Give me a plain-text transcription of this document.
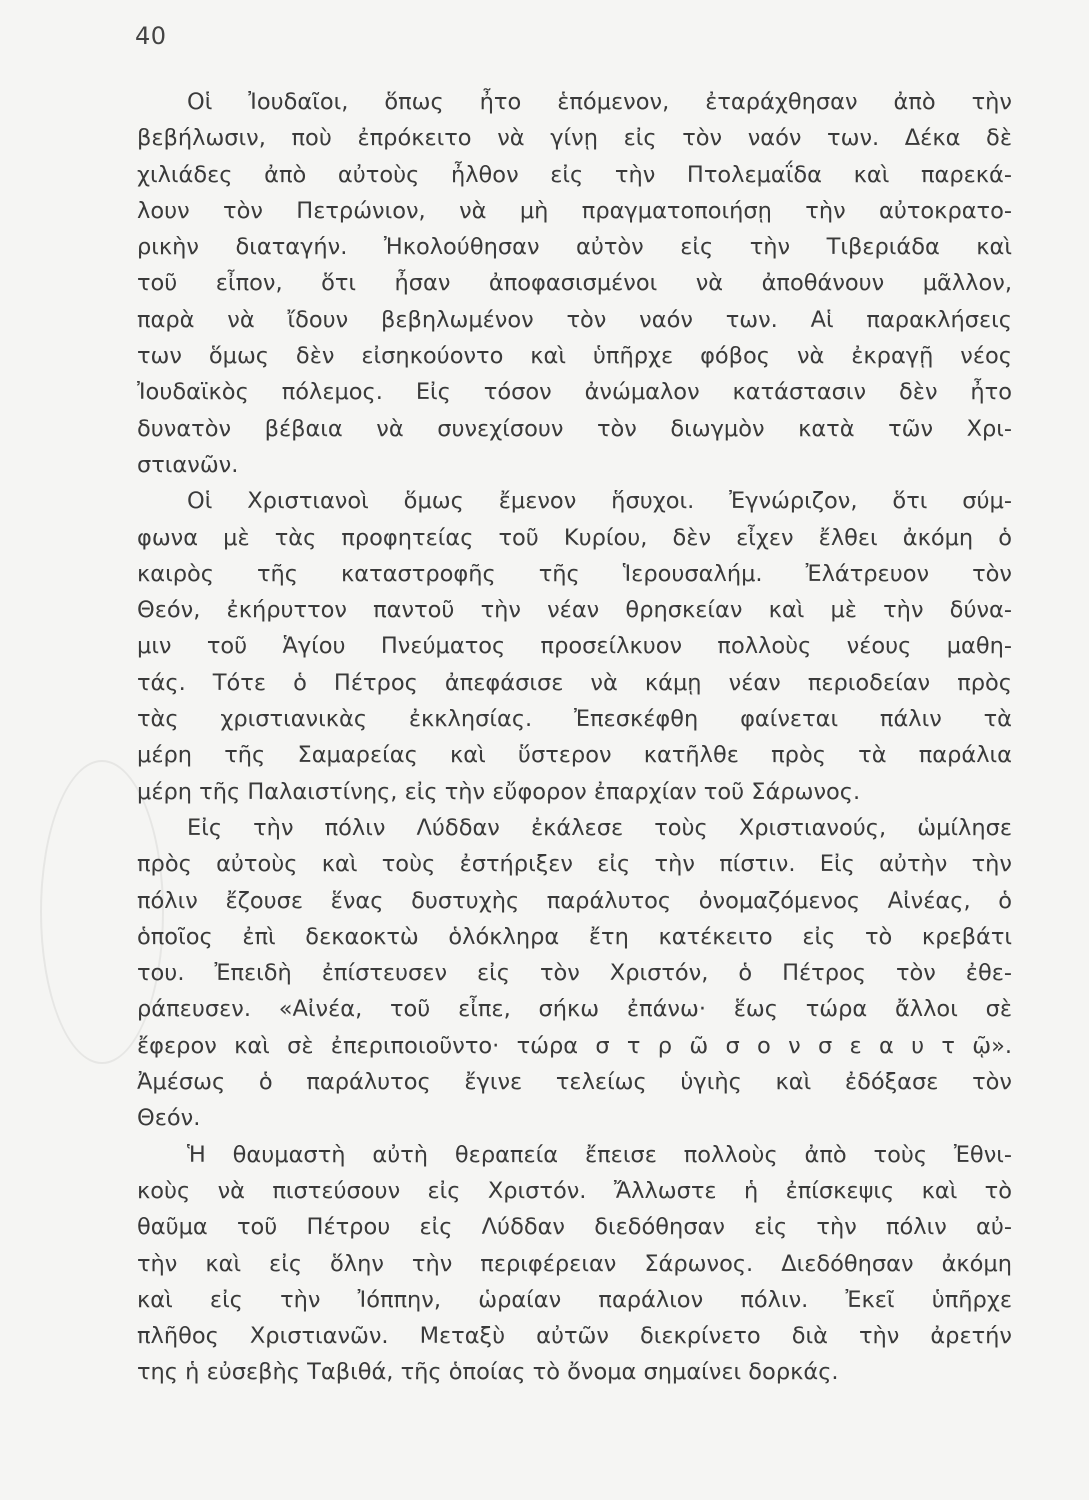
40
Οἱ Ἰουδαῖοι, ὅπως ἦτο ἑπόμενον, ἐταράχθησαν ἀπὸ τὴν
βεβήλωσιν, ποὺ ἐπρόκειτο νὰ γίνῃ εἰς τὸν ναόν των. Δέκα δὲ
χιλιάδες ἀπὸ αὐτοὺς ἦλθον εἰς τὴν Πτολεμαΐδα καὶ παρεκά-
λουν τὸν Πετρώνιον, νὰ μὴ πραγματοποιήσῃ τὴν αὐτοκρατο-
ρικὴν διαταγήν. Ἠκολούθησαν αὐτὸν εἰς τὴν Τιβεριάδα καὶ
τοῦ εἶπον, ὅτι ἦσαν ἀποφασισμένοι νὰ ἀποθάνουν μᾶλλον,
παρὰ νὰ ἴδουν βεβηλωμένον τὸν ναόν των. Αἱ παρακλήσεις
των ὅμως δὲν εἰσηκούοντο καὶ ὑπῆρχε φόβος νὰ ἐκραγῇ νέος
Ἰουδαϊκὸς πόλεμος. Εἰς τόσον ἀνώμαλον κατάστασιν δὲν ἦτο
δυνατὸν βέβαια νὰ συνεχίσουν τὸν διωγμὸν κατὰ τῶν Χρι-
στιανῶν.
Οἱ Χριστιανοὶ ὅμως ἔμενον ἥσυχοι. Ἐγνώριζον, ὅτι σύμ-
φωνα μὲ τὰς προφητείας τοῦ Κυρίου, δὲν εἶχεν ἔλθει ἀκόμη ὁ
καιρὸς τῆς καταστροφῆς τῆς Ἱερουσαλήμ. Ἐλάτρευον τὸν
Θεόν, ἐκήρυττον παντοῦ τὴν νέαν θρησκείαν καὶ μὲ τὴν δύνα-
μιν τοῦ Ἁγίου Πνεύματος προσείλκυον πολλοὺς νέους μαθη-
τάς. Τότε ὁ Πέτρος ἀπεφάσισε νὰ κάμῃ νέαν περιοδείαν πρὸς
τὰς χριστιανικὰς ἐκκλησίας. Ἐπεσκέφθη φαίνεται πάλιν τὰ
μέρη τῆς Σαμαρείας καὶ ὕστερον κατῆλθε πρὸς τὰ παράλια
μέρη τῆς Παλαιστίνης, εἰς τὴν εὔφορον ἐπαρχίαν τοῦ Σάρωνος.
Εἰς τὴν πόλιν Λύδδαν ἐκάλεσε τοὺς Χριστιανούς, ὡμίλησε
πρὸς αὐτοὺς καὶ τοὺς ἐστήριξεν εἰς τὴν πίστιν. Εἰς αὐτὴν τὴν
πόλιν ἔζουσε ἕνας δυστυχὴς παράλυτος ὀνομαζόμενος Αἰνέας, ὁ
ὁποῖος ἐπὶ δεκαοκτὼ ὁλόκληρα ἔτη κατέκειτο εἰς τὸ κρεβάτι
του. Ἐπειδὴ ἐπίστευσεν εἰς τὸν Χριστόν, ὁ Πέτρος τὸν ἐθε-
ράπευσεν. «Αἰνέα, τοῦ εἶπε, σήκω ἐπάνω· ἕως τώρα ἄλλοι σὲ
ἔφερον καὶ σὲ ἐπεριποιοῦντο· τώρα σ τ ρ ῶ σ ο ν σ ε α υ τ ῷ».
Ἀμέσως ὁ παράλυτος ἔγινε τελείως ὑγιὴς καὶ ἐδόξασε τὸν
Θεόν.
Ἡ θαυμαστὴ αὐτὴ θεραπεία ἔπεισε πολλοὺς ἀπὸ τοὺς Ἐθνι-
κοὺς νὰ πιστεύσουν εἰς Χριστόν. Ἄλλωστε ἡ ἐπίσκεψις καὶ τὸ
θαῦμα τοῦ Πέτρου εἰς Λύδδαν διεδόθησαν εἰς τὴν πόλιν αὐ-
τὴν καὶ εἰς ὅλην τὴν περιφέρειαν Σάρωνος. Διεδόθησαν ἀκόμη
καὶ εἰς τὴν Ἰόππην, ὡραίαν παράλιον πόλιν. Ἐκεῖ ὑπῆρχε
πλῆθος Χριστιανῶν. Μεταξὺ αὐτῶν διεκρίνετο διὰ τὴν ἀρετήν
της ἡ εὐσεβὴς Ταβιθά, τῆς ὁποίας τὸ ὄνομα σημαίνει δορκάς.
